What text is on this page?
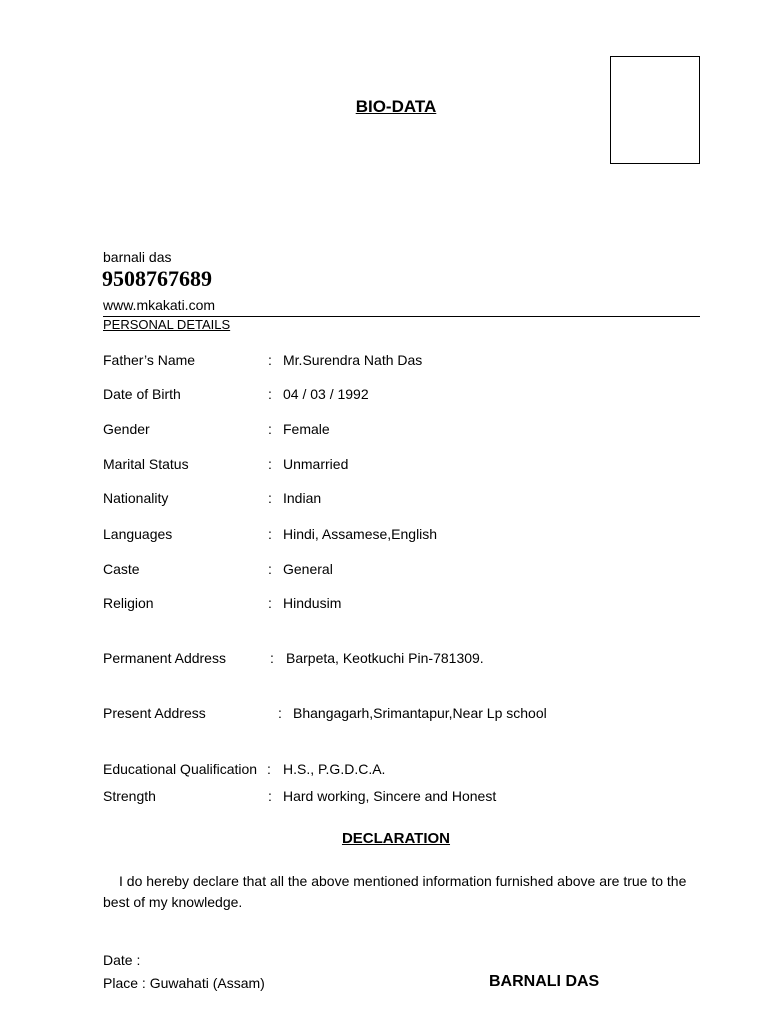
BIO-DATA
barnali das
9508767689
www.mkakati.com
PERSONAL DETAILS
Father’s Name	: Mr.Surendra Nath Das
Date of Birth	: 04 / 03 / 1992
Gender	: Female
Marital Status	: Unmarried
Nationality	: Indian
Languages	: Hindi, Assamese,English
Caste	: General
Religion	: Hindusim
Permanent Address	: Barpeta, Keotkuchi Pin-781309.
Present Address	: Bhangagarh,Srimantapur,Near Lp school
Educational Qualification : H.S., P.G.D.C.A.
Strength	: Hard working, Sincere and Honest
DECLARATION
I do hereby declare that all the above mentioned information furnished above are true to the best of my knowledge.
Date :
Place : Guwahati (Assam)	BARNALI DAS
